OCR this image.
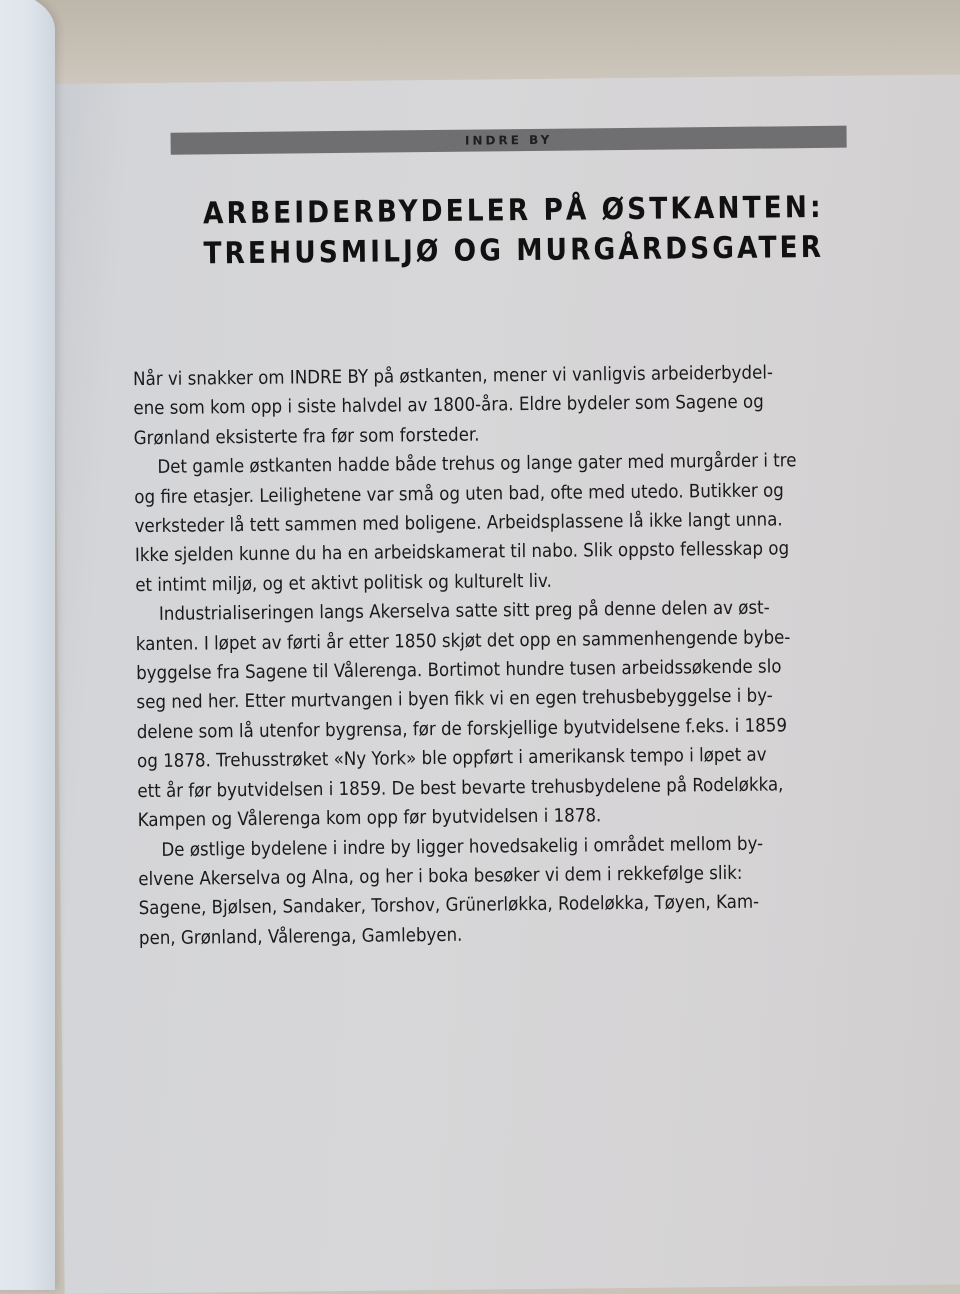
INDRE BY
ARBEIDERBYDELER PÅ ØSTKANTEN:
TREHUSMILJØ OG MURGÅRDSGATER

Når vi snakker om INDRE BY på østkanten, mener vi vanligvis arbeiderbydel-
ene som kom opp i siste halvdel av 1800-åra. Eldre bydeler som Sagene og
Grønland eksisterte fra før som forsteder.

Det gamle østkanten hadde både trehus og lange gater med murgårder i tre
og fire etasjer. Leilighetene var små og uten bad, ofte med utedo. Butikker og
verksteder lå tett sammen med boligene. Arbeidsplassene lå ikke langt unna.
Ikke sjelden kunne du ha en arbeidskamerat til nabo. Slik oppsto fellesskap og
et intimt miljø, og et aktivt politisk og kulturelt liv.

Industrialiseringen langs Akerselva satte sitt preg på denne delen av øst-
kanten. I løpet av førti år etter 1850 skjøt det opp en sammenhengende bybe-
byggelse fra Sagene til Vålerenga. Bortimot hundre tusen arbeidssøkende slo
seg ned her. Etter murtvangen i byen fikk vi en egen trehusbebyggelse i by-
delene som lå utenfor bygrensa, før de forskjellige byutvidelsene f.eks. i 1859
og 1878. Trehusstrøket «Ny York» ble oppført i amerikansk tempo i løpet av
ett år før byutvidelsen i 1859. De best bevarte trehusbydelene på Rodeløkka,
Kampen og Vålerenga kom opp før byutvidelsen i 1878.

De østlige bydelene i indre by ligger hovedsakelig i området mellom by-
elvene Akerselva og Alna, og her i boka besøker vi dem i rekkefølge slik:
Sagene, Bjølsen, Sandaker, Torshov, Grünerløkka, Rodeløkka, Tøyen, Kam-
pen, Grønland, Vålerenga, Gamlebyen.
